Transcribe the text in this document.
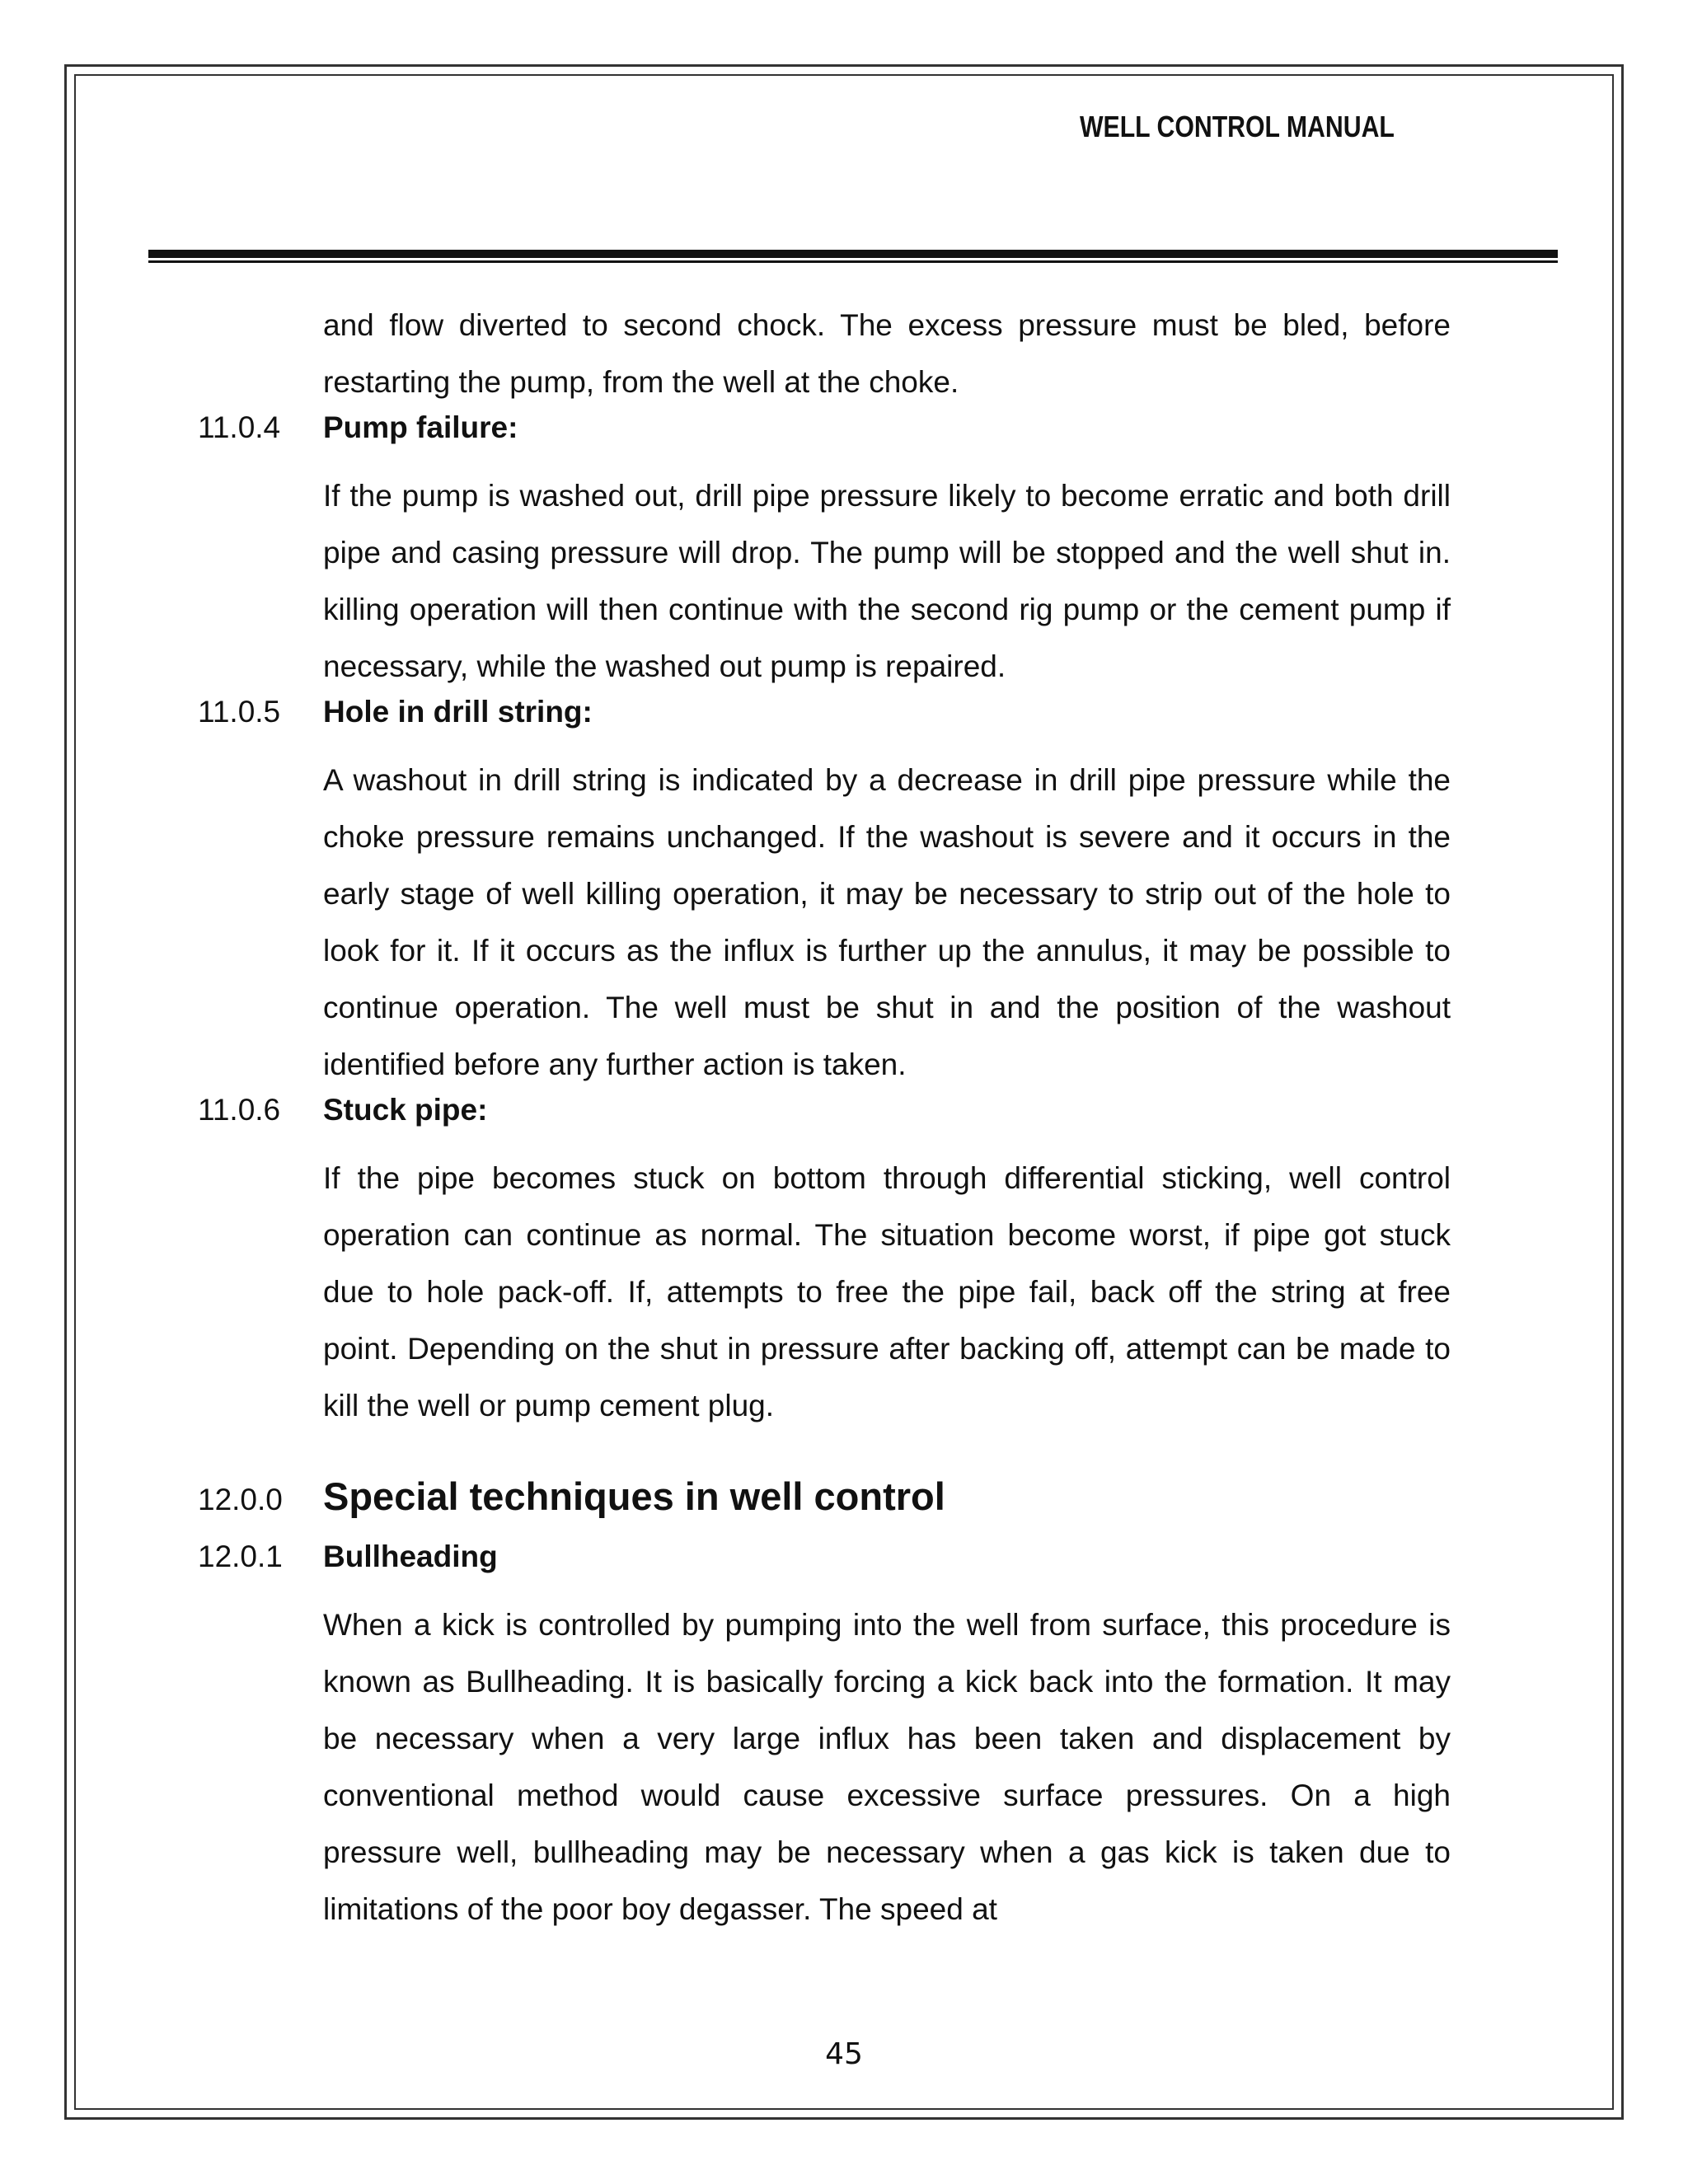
WELL CONTROL MANUAL
and flow diverted to second chock. The excess pressure must be bled, before restarting the pump, from the well at the choke.
11.0.4	Pump failure:
If the pump is washed out, drill pipe pressure likely to become erratic and both drill pipe and casing pressure will drop. The pump will be stopped and the well shut in. killing operation will then continue with the second rig pump or the cement pump if necessary, while the washed out pump is repaired.
11.0.5	Hole in drill string:
A washout in drill string is indicated by a decrease in drill pipe pressure while the choke pressure remains unchanged. If the washout is severe and it occurs in the early stage of well killing operation, it may be necessary to strip out of the hole to look for it. If it occurs as the influx is further up the annulus, it may be possible to continue operation. The well must be shut in and the position of the washout identified before any further action is taken.
11.0.6	Stuck pipe:
If the pipe becomes stuck on bottom through differential sticking, well control operation can continue as normal. The situation become worst, if pipe got stuck due to hole pack-off. If, attempts to free the pipe fail, back off the string at free point. Depending on the shut in pressure after backing off, attempt can be made to kill the well or pump cement plug.
12.0.0	Special techniques in well control
12.0.1	Bullheading
When a kick is controlled by pumping into the well from surface, this procedure is known as Bullheading. It is basically forcing a kick back into the formation. It may be necessary when a very large influx has been taken and displacement by conventional method would cause excessive surface pressures. On a high pressure well, bullheading may be necessary when a gas kick is taken due to limitations of the poor boy degasser. The speed at
45
